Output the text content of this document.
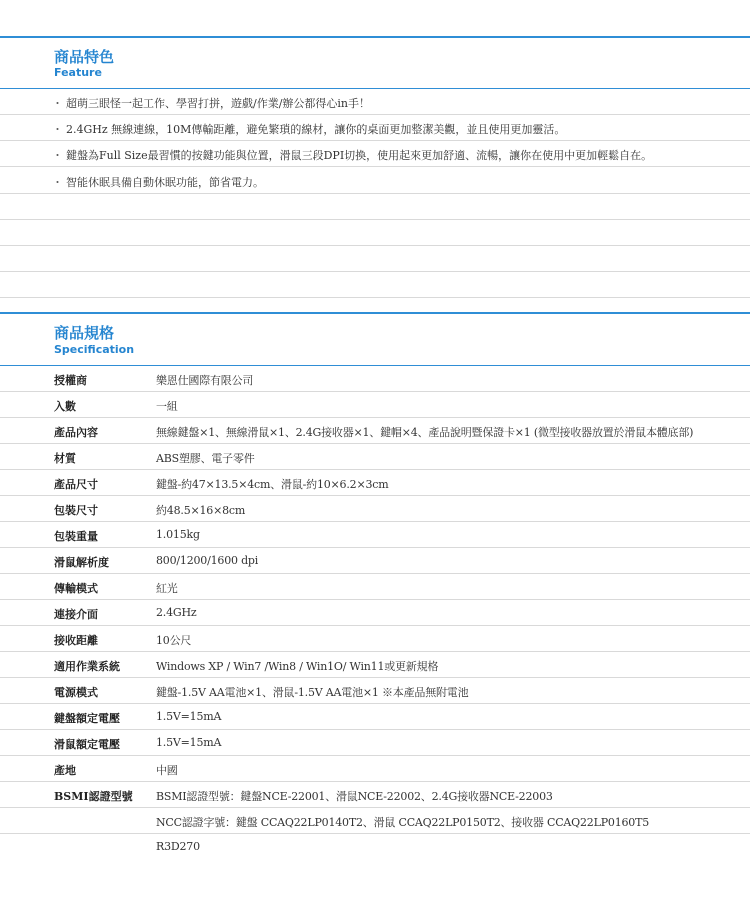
商品特色
Feature
・ 超萌三眼怪一起工作、學習打拼，遊戲/作業/辦公都得心in手！
・ 2.4GHz 無線連線，10M傳輸距離，避免繁瑣的線材，讓你的桌面更加整潔美觀，並且使用更加靈活。
・ 鍵盤為Full Size最習慣的按鍵功能與位置，滑鼠三段DPI切換，使用起來更加舒適、流暢，讓你在使用中更加輕鬆自在。
・ 智能休眠具備自動休眠功能，節省電力。
商品規格
Specification
授權商	樂恩仕國際有限公司
入數	一組
產品內容	無線鍵盤×1、無線滑鼠×1、2.4G接收器×1、鍵帽×4、產品說明暨保證卡×1 (微型接收器放置於滑鼠本體底部)
材質	ABS塑膠、電子零件
產品尺寸	鍵盤-約47×13.5×4cm、滑鼠-約10×6.2×3cm
包裝尺寸	約48.5×16×8cm
包裝重量	1.015kg
滑鼠解析度	800/1200/1600 dpi
傳輸模式	紅光
連接介面	2.4GHz
接收距離	10公尺
適用作業系統	Windows XP / Win7 /Win8 / Win1O/ Win11或更新規格
電源模式	鍵盤-1.5V AA電池×1、滑鼠-1.5V AA電池×1 ※本產品無附電池
鍵盤額定電壓	1.5V=15mA
滑鼠額定電壓	1.5V=15mA
產地	中國
BSMI認證型號 BSMI認證型號：鍵盤NCE-22001、滑鼠NCE-22002、2.4G接收器NCE-22003
NCC認證字號：鍵盤 CCAQ22LP0140T2、滑鼠 CCAQ22LP0150T2、接收器 CCAQ22LP0160T5
R3D270
